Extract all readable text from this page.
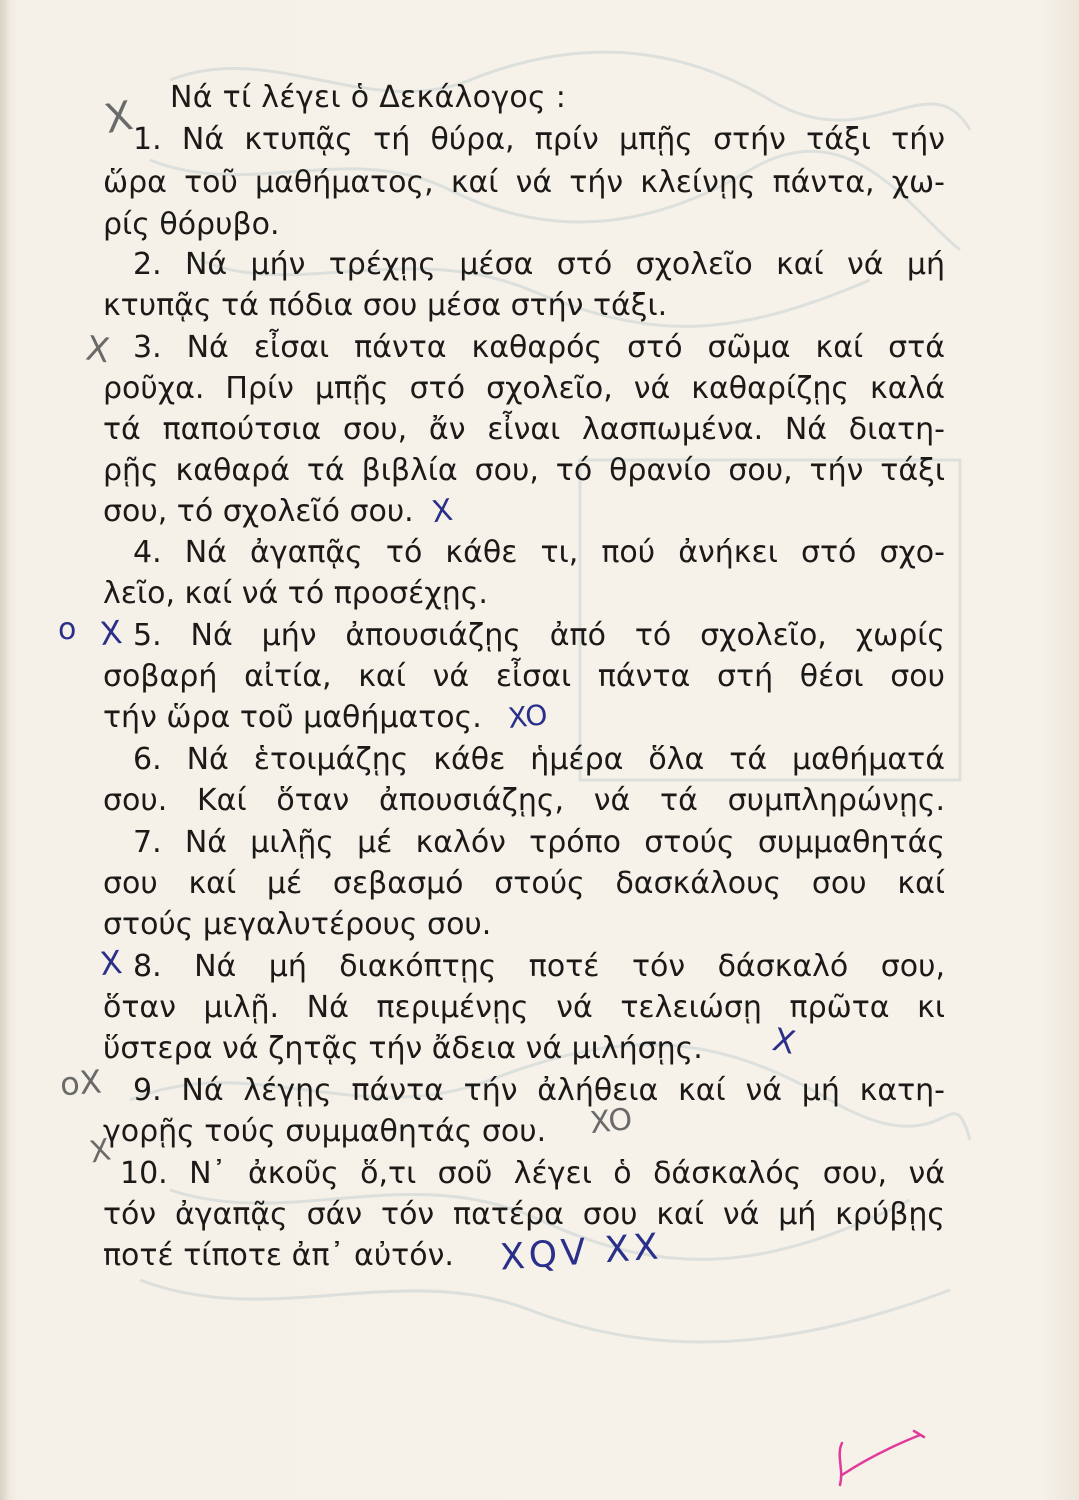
Νά τί λέγει ὁ Δεκάλογος :
1. Νά κτυπᾷς τή θύρα, πρίν μπῇς στήν τάξι τήν
ὥρα τοῦ μαθήματος, καί νά τήν κλείνῃς πάντα, χω-
ρίς θόρυβο.
2. Νά μήν τρέχῃς μέσα στό σχολεῖο καί νά μή
κτυπᾷς τά πόδια σου μέσα στήν τάξι.
3. Νά εἶσαι πάντα καθαρός στό σῶμα καί στά
ροῦχα. Πρίν μπῇς στό σχολεῖο, νά καθαρίζῃς καλά
τά παπούτσια σου, ἄν εἶναι λασπωμένα. Νά διατη-
ρῇς καθαρά τά βιβλία σου, τό θρανίο σου, τήν τάξι
σου, τό σχολεῖό σου.
4. Νά ἀγαπᾷς τό κάθε τι, πού ἀνήκει στό σχο-
λεῖο, καί νά τό προσέχῃς.
5. Νά μήν ἀπουσιάζῃς ἀπό τό σχολεῖο, χωρίς
σοβαρή αἰτία, καί νά εἶσαι πάντα στή θέσι σου
τήν ὥρα τοῦ μαθήματος.
6. Νά ἑτοιμάζῃς κάθε ἡμέρα ὅλα τά μαθήματά
σου. Καί ὅταν ἀπουσιάζῃς, νά τά συμπληρώνῃς.
7. Νά μιλῇς μέ καλόν τρόπο στούς συμμαθητάς
σου καί μέ σεβασμό στούς δασκάλους σου καί
στούς μεγαλυτέρους σου.
8. Νά μή διακόπτῃς ποτέ τόν δάσκαλό σου,
ὅταν μιλῇ. Νά περιμένῃς νά τελειώσῃ πρῶτα κι
ὕστερα νά ζητᾷς τήν ἄδεια νά μιλήσῃς.
9. Νά λέγῃς πάντα τήν ἀλήθεια καί νά μή κατη-
γορῇς τούς συμμαθητάς σου.
10. Ν᾽ ἀκοῦς ὅ,τι σοῦ λέγει ὁ δάσκαλός σου, νά
τόν ἀγαπᾷς σάν τόν πατέρα σου καί νά μή κρύβῃς
ποτέ τίποτε ἀπ᾽ αὐτόν.
X
X
X
ο X
XO
X
X
οX
XO
X
XQV XX
